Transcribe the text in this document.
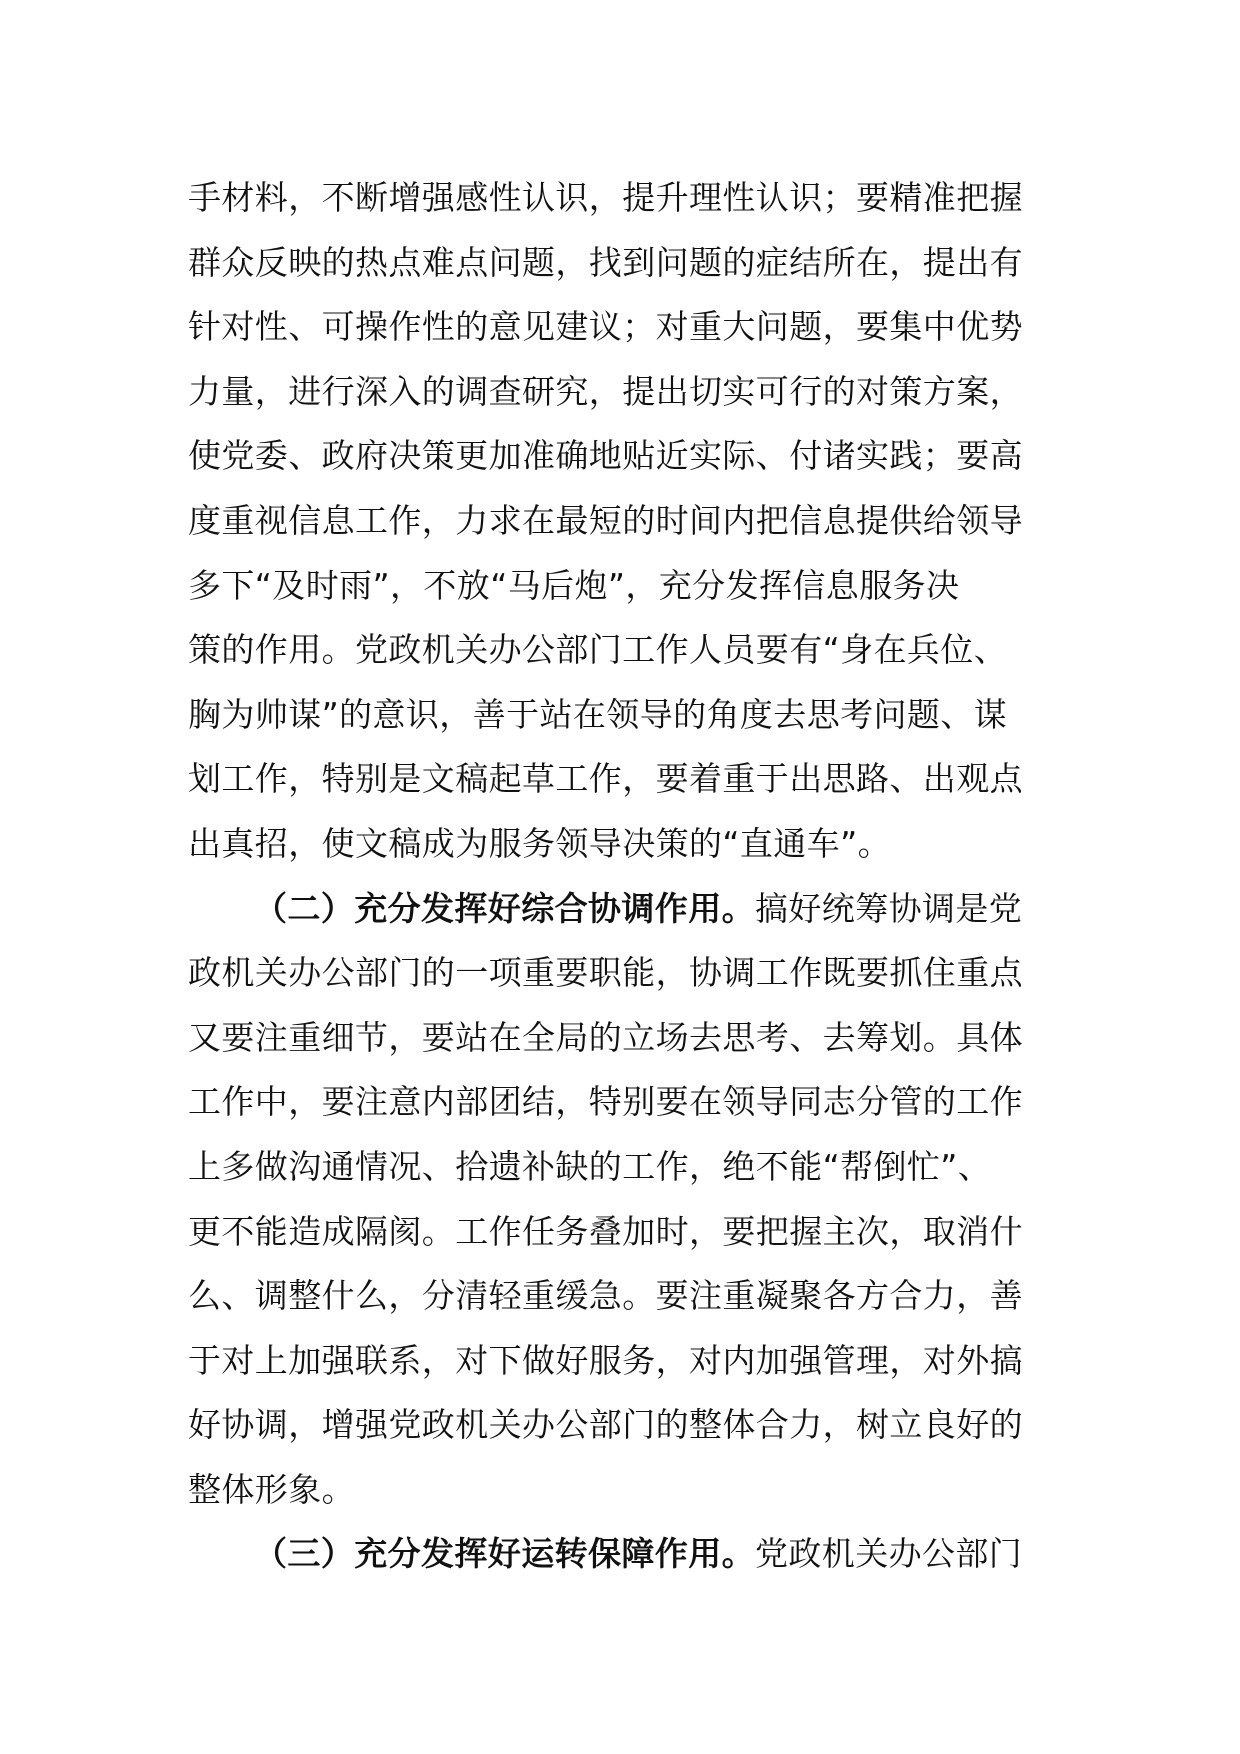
手材料，不断增强感性认识，提升理性认识；要精准把握
群众反映的热点难点问题，找到问题的症结所在，提出有
针对性、可操作性的意见建议；对重大问题，要集中优势
力量，进行深入的调查研究，提出切实可行的对策方案，
使党委、政府决策更加准确地贴近实际、付诸实践；要高
度重视信息工作，力求在最短的时间内把信息提供给领导
多下“及时雨”，不放“马后炮”，充分发挥信息服务决
策的作用。党政机关办公部门工作人员要有“身在兵位、
胸为帅谋”的意识，善于站在领导的角度去思考问题、谋
划工作，特别是文稿起草工作，要着重于出思路、出观点
出真招，使文稿成为服务领导决策的“直通车”。
（二）充分发挥好综合协调作用。搞好统筹协调是党
政机关办公部门的一项重要职能，协调工作既要抓住重点
又要注重细节，要站在全局的立场去思考、去筹划。具体
工作中，要注意内部团结，特别要在领导同志分管的工作
上多做沟通情况、拾遗补缺的工作，绝不能“帮倒忙”、
更不能造成隔阂。工作任务叠加时，要把握主次，取消什
么、调整什么，分清轻重缓急。要注重凝聚各方合力，善
于对上加强联系，对下做好服务，对内加强管理，对外搞
好协调，增强党政机关办公部门的整体合力，树立良好的
整体形象。
（三）充分发挥好运转保障作用。党政机关办公部门
